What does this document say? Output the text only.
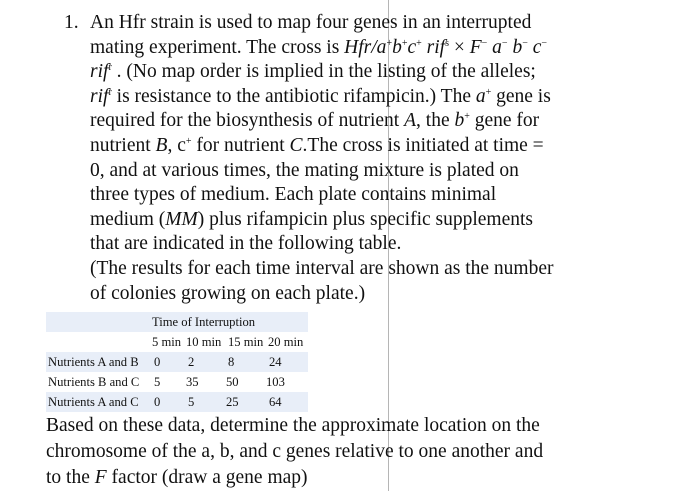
1. An Hfr strain is used to map four genes in an interrupted
mating experiment. The cross is Hfr/a+b+c+ rif$^s$ × F− a− b− c−
rif$^r$ . (No map order is implied in the listing of the alleles;
rif$^r$ is resistance to the antibiotic rifampicin.) The a+ gene is
required for the biosynthesis of nutrient A, the b+ gene for
nutrient B, c+ for nutrient C.The cross is initiated at time =
0, and at various times, the mating mixture is plated on
three types of medium. Each plate contains minimal
medium (MM) plus rifampicin plus specific supplements
that are indicated in the following table.
(The results for each time interval are shown as the number
of colonies growing on each plate.)
Time of Interruption
5 min 10 min 15 min 20 min
Nutrients A and B 0 2	8	24
Nutrients B and C 5 35 50 103
Nutrients A and C 0 5	25 64
Based on these data, determine the approximate location on the
chromosome of the a, b, and c genes relative to one another and
to the F factor (draw a gene map)
